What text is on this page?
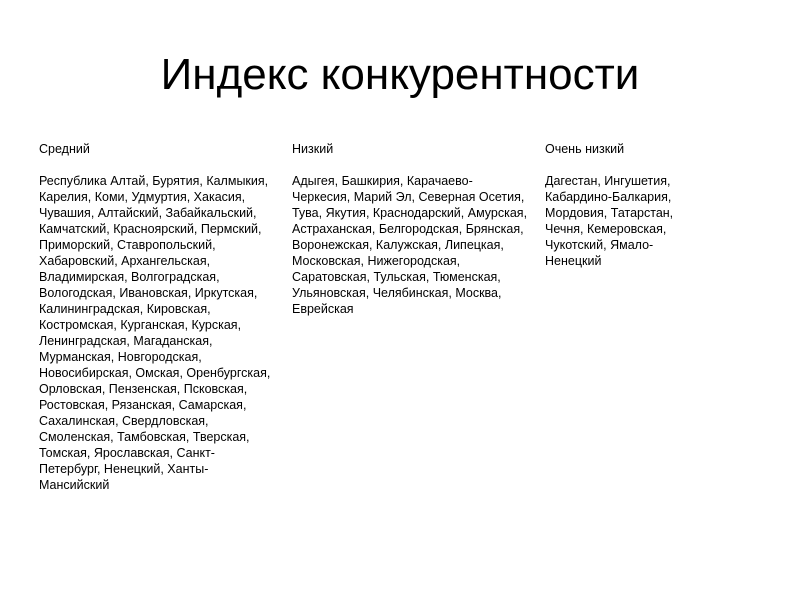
Индекс конкурентности

Средний

Республика Алтай, Бурятия, Калмыкия,
Карелия, Коми, Удмуртия, Хакасия,
Чувашия, Алтайский, Забайкальский,
Камчатский, Красноярский, Пермский,
Приморский, Ставропольский,
Хабаровский, Архангельская,
Владимирская, Волгоградская,
Вологодская, Ивановская, Иркутская,
Калининградская, Кировская,
Костромская, Курганская, Курская,
Ленинградская, Магаданская,
Мурманская, Новгородская,
Новосибирская, Омская, Оренбургская,
Орловская, Пензенская, Псковская,
Ростовская, Рязанская, Самарская,
Сахалинская, Свердловская,
Смоленская, Тамбовская, Тверская,
Томская, Ярославская, Санкт-
Петербург, Ненецкий, Ханты-
Мансийский

Низкий

Адыгея, Башкирия, Карачаево-
Черкесия, Марий Эл, Северная Осетия,
Тува, Якутия, Краснодарский, Амурская,
Астраханская, Белгородская, Брянская,
Воронежская, Калужская, Липецкая,
Московская, Нижегородская,
Саратовская, Тульская, Тюменская,
Ульяновская, Челябинская, Москва,
Еврейская

Очень низкий

Дагестан, Ингушетия,
Кабардино-Балкария,
Мордовия, Татарстан,
Чечня, Кемеровская,
Чукотский, Ямало-
Ненецкий
